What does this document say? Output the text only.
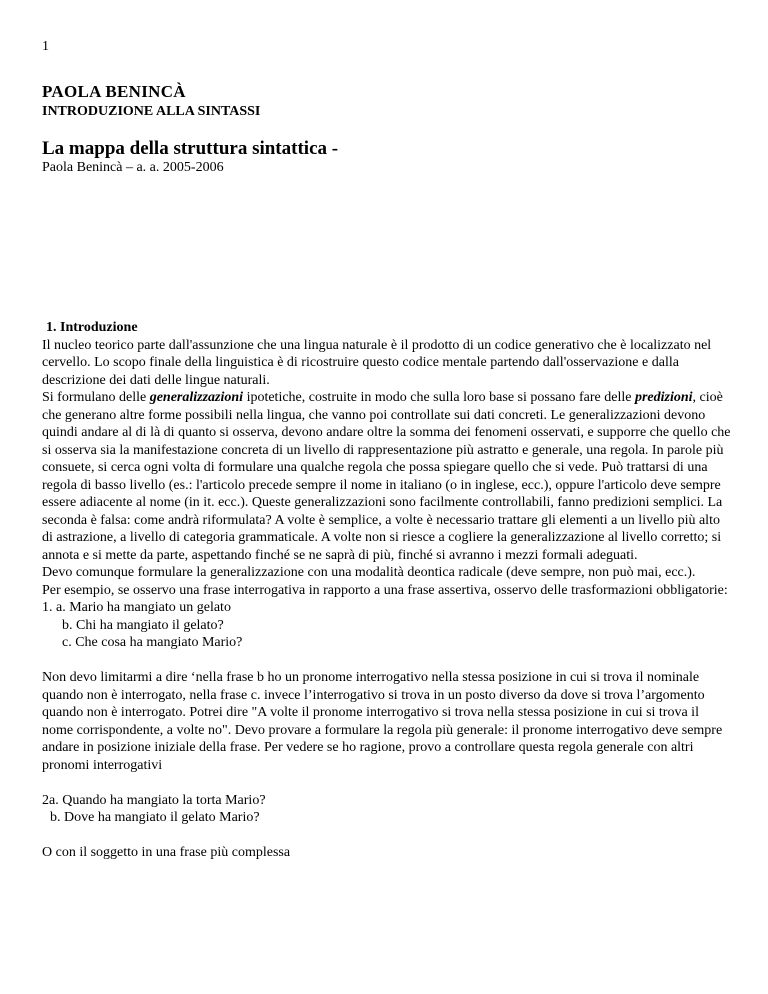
1
PAOLA BENINCÀ
INTRODUZIONE ALLA SINTASSI
La mappa della struttura sintattica -
Paola Benincà – a. a. 2005-2006

1. Introduzione

Il nucleo teorico parte dall'assunzione che una lingua naturale è il prodotto di un codice generativo che è localizzato nel cervello. Lo scopo finale della linguistica è di ricostruire questo codice mentale partendo dall'osservazione e dalla descrizione dei dati delle lingue naturali.

Si formulano delle generalizzazioni ipotetiche, costruite in modo che sulla loro base si possano fare delle predizioni, cioè che generano altre forme possibili nella lingua, che vanno poi controllate sui dati concreti. Le generalizzazioni devono quindi andare al di là di quanto si osserva, devono andare oltre la somma dei fenomeni osservati, e supporre che quello che si osserva sia la manifestazione concreta di un livello di rappresentazione più astratto e generale, una regola. In parole più consuete, si cerca ogni volta di formulare una qualche regola che possa spiegare quello che si vede. Può trattarsi di una regola di basso livello (es.: l'articolo precede sempre il nome in italiano (o in inglese, ecc.), oppure l'articolo deve sempre essere adiacente al nome (in it. ecc.). Queste generalizzazioni sono facilmente controllabili, fanno predizioni semplici. La seconda è falsa: come andrà riformulata? A volte è semplice, a volte è necessario trattare gli elementi a un livello più alto di astrazione, a livello di categoria grammaticale. A volte non si riesce a cogliere la generalizzazione al livello corretto; si annota e si mette da parte, aspettando finché se ne saprà di più, finché si avranno i mezzi formali adeguati.

Devo comunque formulare la generalizzazione con una modalità deontica radicale (deve sempre, non può mai, ecc.).

Per esempio, se osservo una frase interrogativa in rapporto a una frase assertiva, osservo delle trasformazioni obbligatorie:

1. a. Mario ha mangiato un gelato

b. Chi ha mangiato il gelato?

c. Che cosa ha mangiato Mario?

Non devo limitarmi a dire ‘nella frase b ho un pronome interrogativo nella stessa posizione in cui si trova il nominale quando non è interrogato, nella frase c. invece l’interrogativo si trova in un posto diverso da dove si trova l’argomento quando non è interrogato. Potrei dire "A volte il pronome interrogativo si trova nella stessa posizione in cui si trova il nome corrispondente, a volte no". Devo provare a formulare la regola più generale: il pronome interrogativo deve sempre andare in posizione iniziale della frase. Per vedere se ho ragione, provo a controllare questa regola generale con altri pronomi interrogativi

2a. Quando ha mangiato la torta Mario?

b. Dove ha mangiato il gelato Mario?

O con il soggetto in una frase più complessa
